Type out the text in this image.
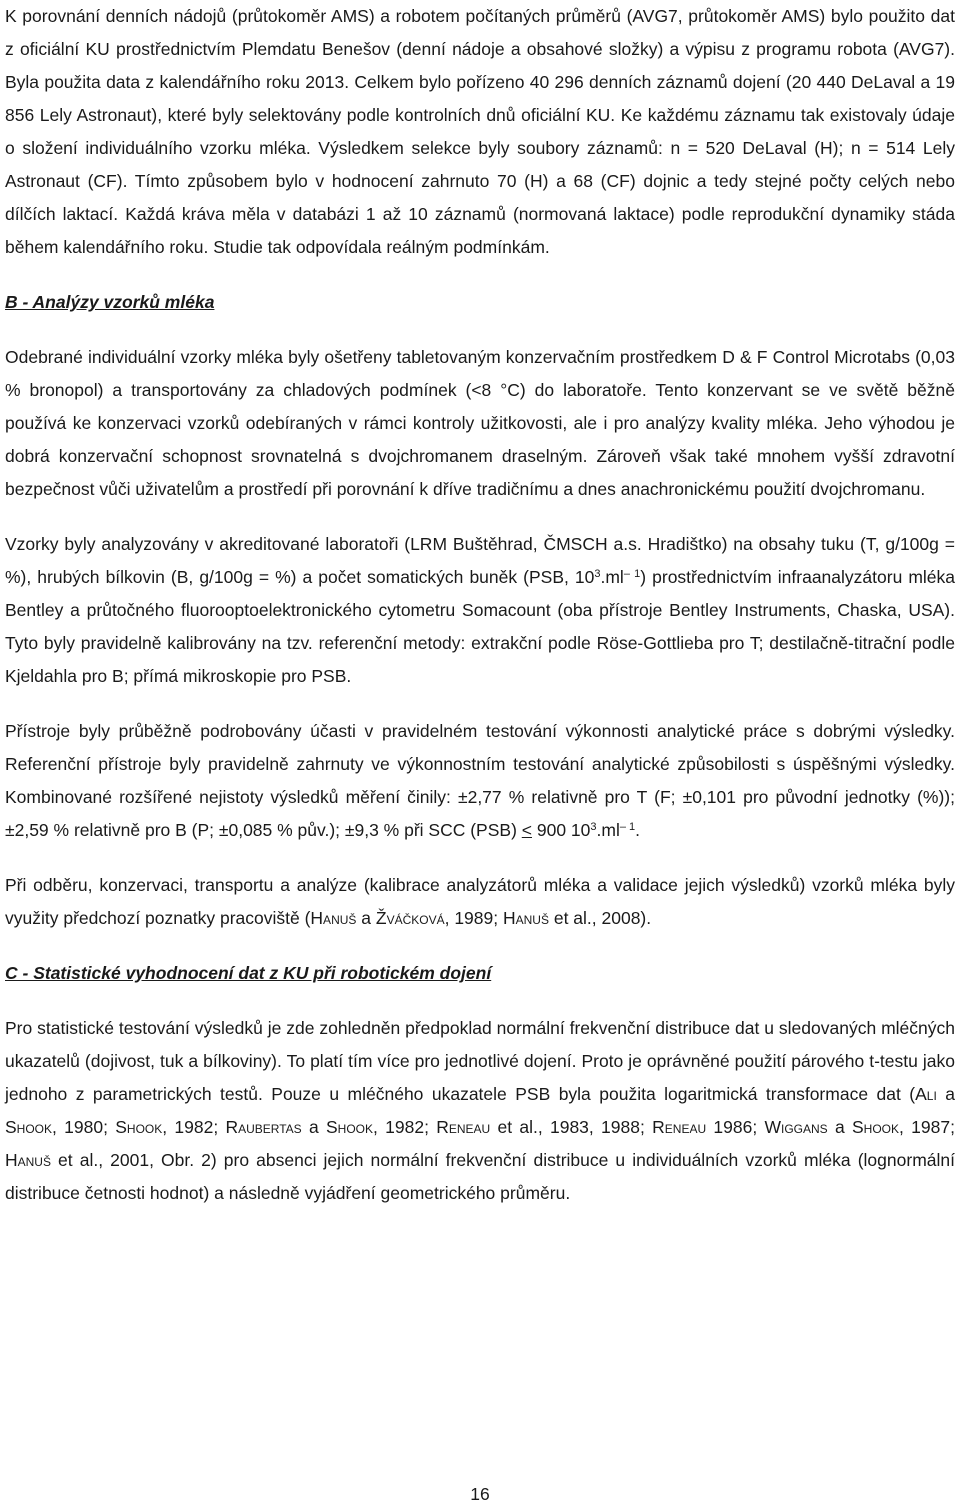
K porovnání denních nádojů (průtokoměr AMS) a robotem počítaných průměrů (AVG7, průtokoměr AMS) bylo použito dat z oficiální KU prostřednictvím Plemdatu Benešov (denní nádoje a obsahové složky) a výpisu z programu robota (AVG7). Byla použita data z kalendářního roku 2013. Celkem bylo pořízeno 40 296 denních záznamů dojení (20 440 DeLaval a 19 856 Lely Astronaut), které byly selektovány podle kontrolních dnů oficiální KU. Ke každému záznamu tak existovaly údaje o složení individuálního vzorku mléka. Výsledkem selekce byly soubory záznamů: n = 520 DeLaval (H); n = 514 Lely Astronaut (CF). Tímto způsobem bylo v hodnocení zahrnuto 70 (H) a 68 (CF) dojnic a tedy stejné počty celých nebo dílčích laktací. Každá kráva měla v databázi 1 až 10 záznamů (normovaná laktace) podle reprodukční dynamiky stáda během kalendářního roku. Studie tak odpovídala reálným podmínkám.

B - Analýzy vzorků mléka

Odebrané individuální vzorky mléka byly ošetřeny tabletovaným konzervačním prostředkem D & F Control Microtabs (0,03 % bronopol) a transportovány za chladových podmínek (<8 °C) do laboratoře. Tento konzervant se ve světě běžně používá ke konzervaci vzorků odebíraných v rámci kontroly užitkovosti, ale i pro analýzy kvality mléka. Jeho výhodou je dobrá konzervační schopnost srovnatelná s dvojchromanem draselným. Zároveň však také mnohem vyšší zdravotní bezpečnost vůči uživatelům a prostředí při porovnání k dříve tradičnímu a dnes anachronickému použití dvojchromanu.

Vzorky byly analyzovány v akreditované laboratoři (LRM Buštěhrad, ČMSCH a.s. Hradištko) na obsahy tuku (T, g/100g = %), hrubých bílkovin (B, g/100g = %) a počet somatických buněk (PSB, $10^3.ml^{- 1}$) prostřednictvím infraanalyzátoru mléka Bentley a průtočného fluorooptoelektronického cytometru Somacount (oba přístroje Bentley Instruments, Chaska, USA). Tyto byly pravidelně kalibrovány na tzv. referenční metody: extrakční podle Röse-Gottlieba pro T; destilačně-titrační podle Kjeldahla pro B; přímá mikroskopie pro PSB.

Přístroje byly průběžně podrobovány účasti v pravidelném testování výkonnosti analytické práce s dobrými výsledky. Referenční přístroje byly pravidelně zahrnuty ve výkonnostním testování analytické způsobilosti s úspěšnými výsledky. Kombinované rozšířené nejistoty výsledků měření činily: ±2,77 % relativně pro T (F; ±0,101 pro původní jednotky (%)); ±2,59 % relativně pro B (P; ±0,085 % pův.); ±9,3 % při SCC (PSB) < 900 $10^3.ml^{- 1}$.

Při odběru, konzervaci, transportu a analýze (kalibrace analyzátorů mléka a validace jejich výsledků) vzorků mléka byly využity předchozí poznatky pracoviště (Hanuš a Žváčková, 1989; Hanuš et al., 2008).

C - Statistické vyhodnocení dat z KU při robotickém dojení

Pro statistické testování výsledků je zde zohledněn předpoklad normální frekvenční distribuce dat u sledovaných mléčných ukazatelů (dojivost, tuk a bílkoviny). To platí tím více pro jednotlivé dojení. Proto je oprávněné použití párového t-testu jako jednoho z parametrických testů. Pouze u mléčného ukazatele PSB byla použita logaritmická transformace dat (Ali a Shook, 1980; Shook, 1982; Raubertas a Shook, 1982; Reneau et al., 1983, 1988; Reneau 1986; Wiggans a Shook, 1987; Hanuš et al., 2001, Obr. 2) pro absenci jejich normální frekvenční distribuce u individuálních vzorků mléka (lognormální distribuce četnosti hodnot) a následně vyjádření geometrického průměru.

16
